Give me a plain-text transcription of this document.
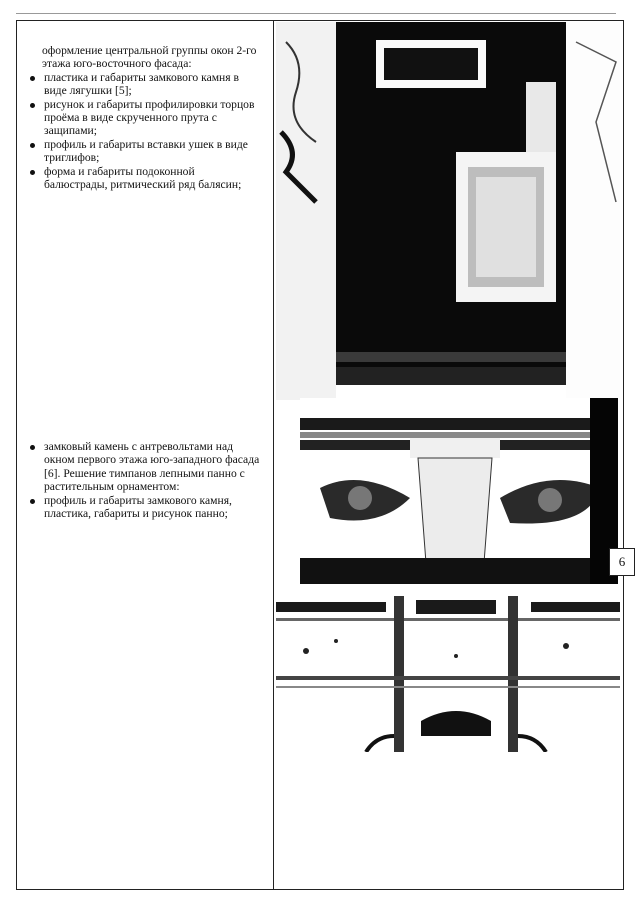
оформление центральной группы окон 2-го этажа юго-восточного фасада:

пластика и габариты замкового камня в виде лягушки [5];
рисунок и габариты профилировки торцов проёма в виде скрученного прута с защипами;
профиль и габариты вставки ушек в виде триглифов;
форма и габариты подоконной балюстрады, ритмический ряд балясин;
замковый камень с антревольтами над окном первого этажа юго-западного фасада [6]. Решение тимпанов лепными панно с растительным орнаментом:
профиль и габариты замкового камня, пластика, габариты и рисунок панно;
6
